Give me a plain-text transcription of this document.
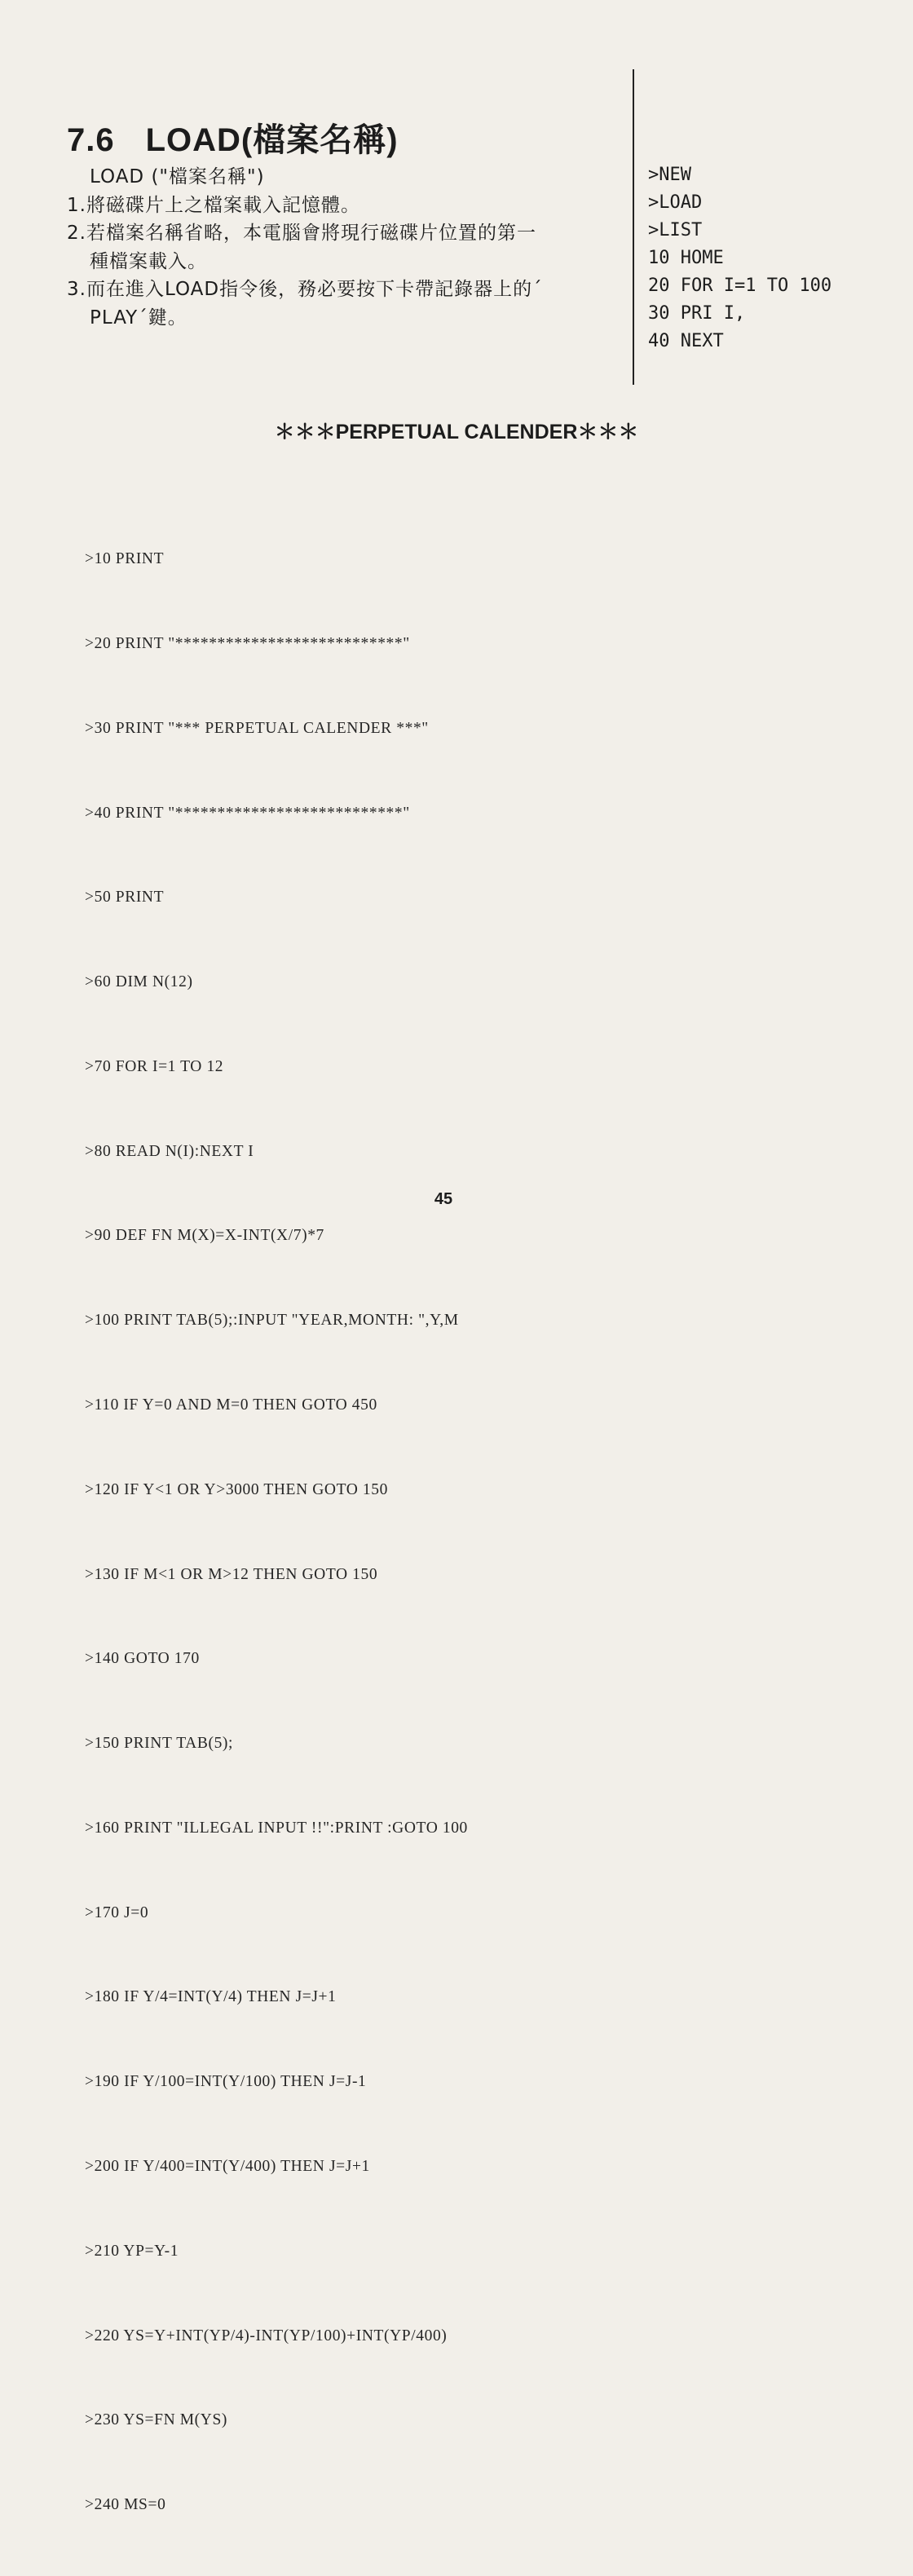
7.6 LOAD(檔案名稱)
LOAD ("檔案名稱")
1.將磁碟片上之檔案載入記憶體。
2.若檔案名稱省略，本電腦會將現行磁碟片位置的第一
種檔案載入。
3.而在進入LOAD指令後，務必要按下卡帶記錄器上的´
PLAY´鍵。
>NEW
>LOAD
>LIST
10 HOME
20 FOR I=1 TO 100
30 PRI I,
40 NEXT
＊＊＊PERPETUAL CALENDER＊＊＊

>10 PRINT

>20 PRINT "***************************"

>30 PRINT "*** PERPETUAL CALENDER ***"

>40 PRINT "***************************"

>50 PRINT

>60 DIM N(12)

>70 FOR I=1 TO 12

>80 READ N(I):NEXT I

>90 DEF FN M(X)=X-INT(X/7)*7

>100 PRINT TAB(5);:INPUT "YEAR,MONTH: ",Y,M

>110 IF Y=0 AND M=0 THEN GOTO 450

>120 IF Y<1 OR Y>3000 THEN GOTO 150

>130 IF M<1 OR M>12 THEN GOTO 150

>140 GOTO 170

>150 PRINT TAB(5);

>160 PRINT "ILLEGAL INPUT !!":PRINT :GOTO 100

>170 J=0

>180 IF Y/4=INT(Y/4) THEN J=J+1

>190 IF Y/100=INT(Y/100) THEN J=J-1

>200 IF Y/400=INT(Y/400) THEN J=J+1

>210 YP=Y-1

>220 YS=Y+INT(YP/4)-INT(YP/100)+INT(YP/400)

>230 YS=FN M(YS)

>240 MS=0

45
